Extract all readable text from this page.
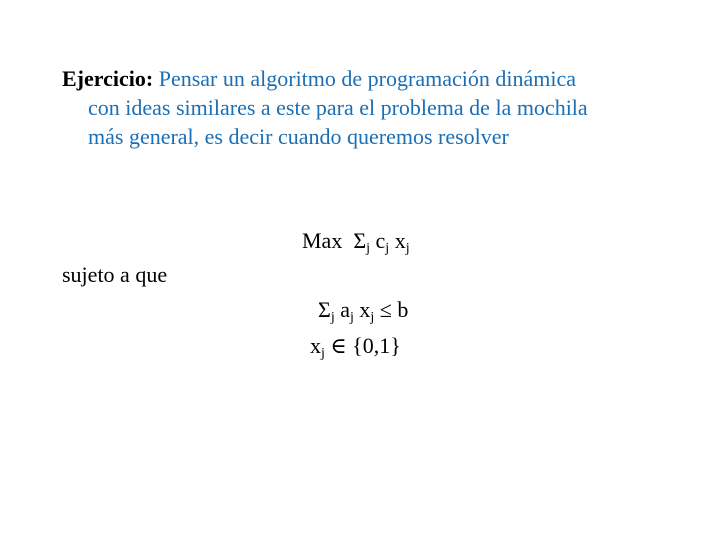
Ejercicio: Pensar un algoritmo de programación dinámica
con ideas similares a este para el problema de la mochila
más general, es decir cuando queremos resolver
Max $\Sigma_j$ $c_j$ $x_j$
sujeto a que
$\Sigma_j$ $a_j$ $x_j \le b$
$x_j$ ∈ {0,1}
